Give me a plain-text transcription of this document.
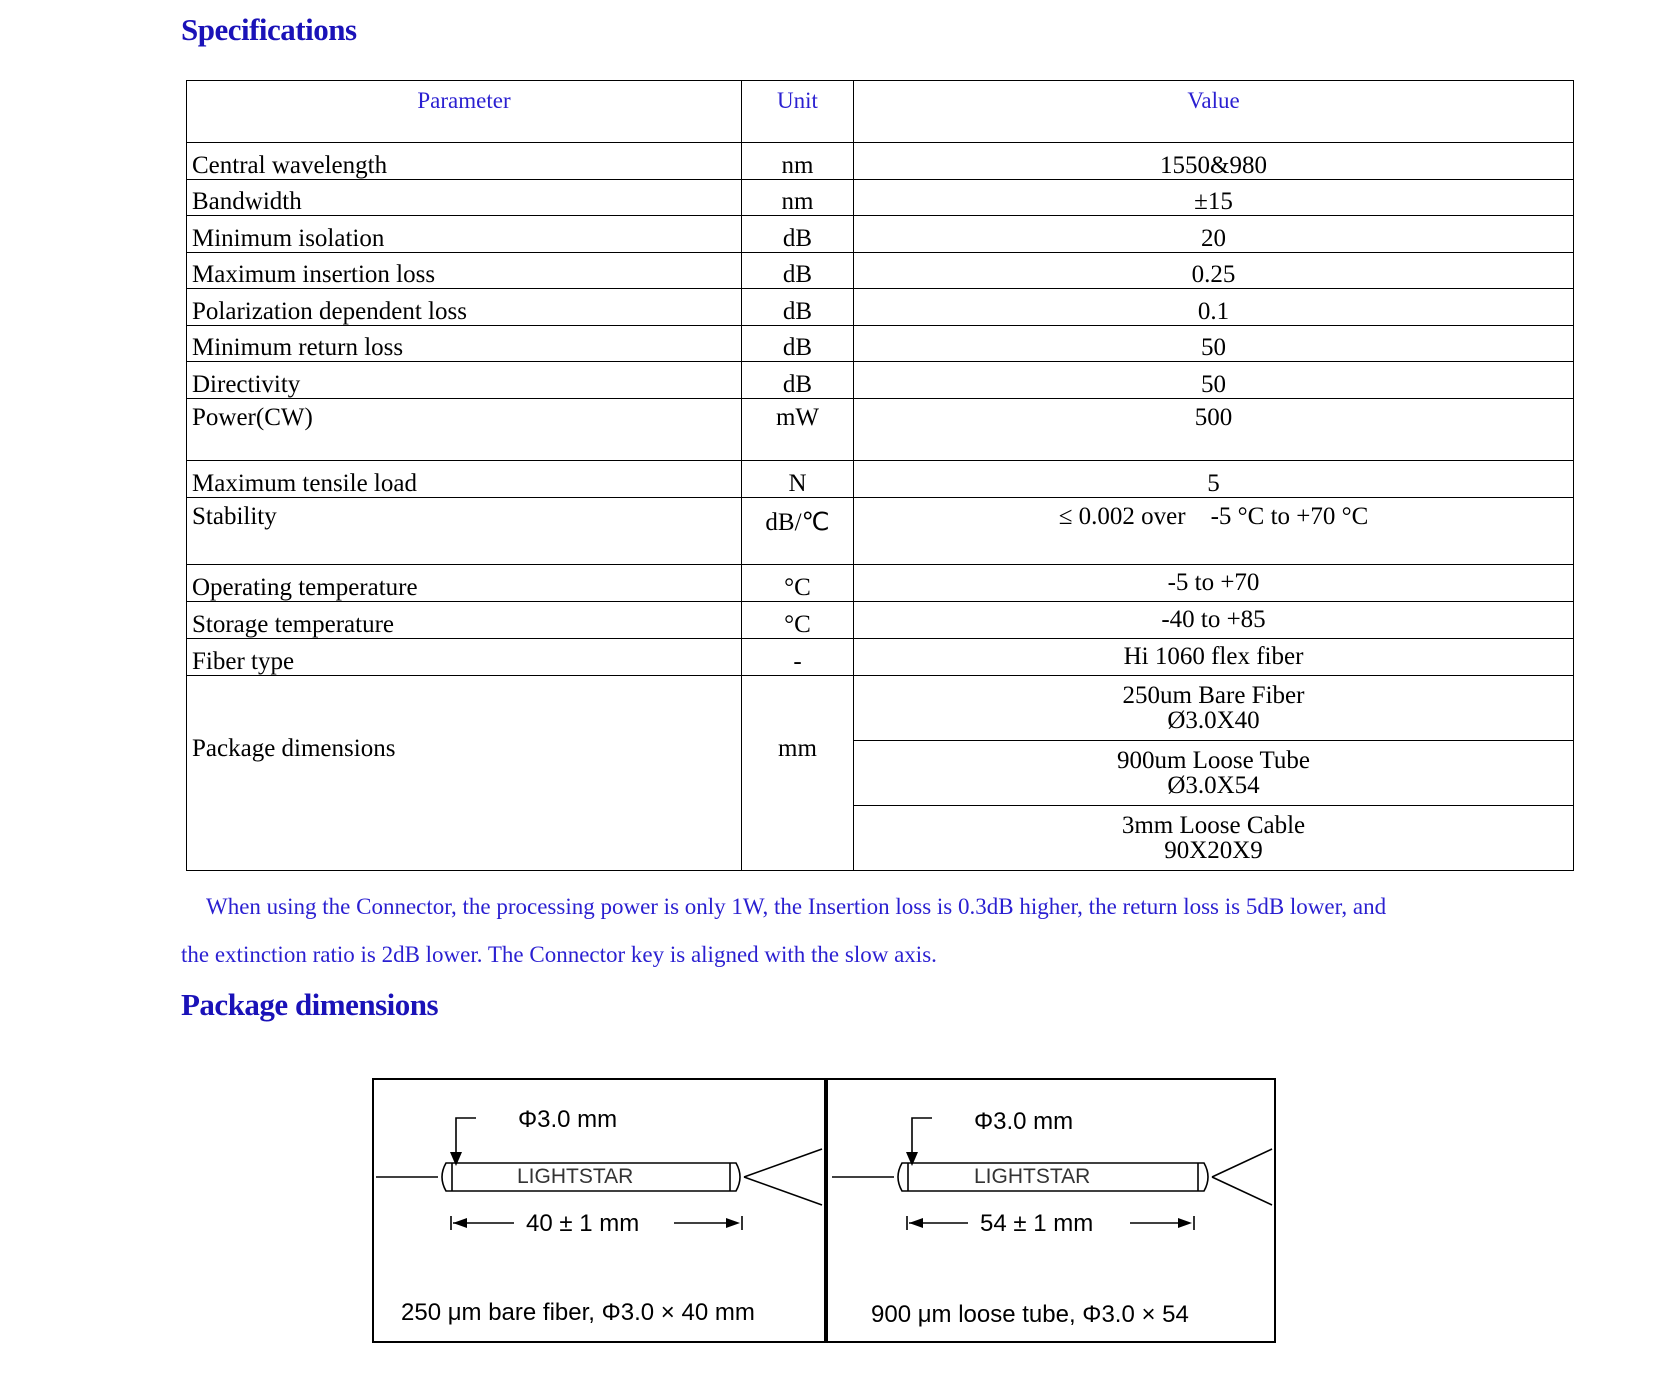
Specifications
Parameter	Unit	Value
Central wavelength	nm	1550&980
Bandwidth	nm	±15
Minimum isolation	dB	20
Maximum insertion loss	dB	0.25
Polarization dependent loss	dB	0.1
Minimum return loss	dB	50
Directivity	dB	50
Power(CW)	mW	500
Maximum tensile load	N	5
Stability	dB/℃	≤ 0.002 over    -5 °C to +70 °C
Operating temperature	°C	-5 to +70
Storage temperature	°C	-40 to +85
Fiber type	-	Hi 1060 flex fiber
Package dimensions	mm	250um Bare Fiber
Ø3.0X40

		900um Loose Tube
Ø3.0X54

		3mm Loose Cable
90X20X9

When using the Connector, the processing power is only 1W, the Insertion loss is 0.3dB higher, the return loss is 5dB lower, and

the extinction ratio is 2dB lower. The Connector key is aligned with the slow axis.

Package dimensions
Φ3.0 mm
LIGHTSTAR
40 ± 1 mm
250 μm bare fiber, Φ3.0 × 40 mm
Φ3.0 mm
LIGHTSTAR
54 ± 1 mm
900 μm loose tube, Φ3.0 × 54
